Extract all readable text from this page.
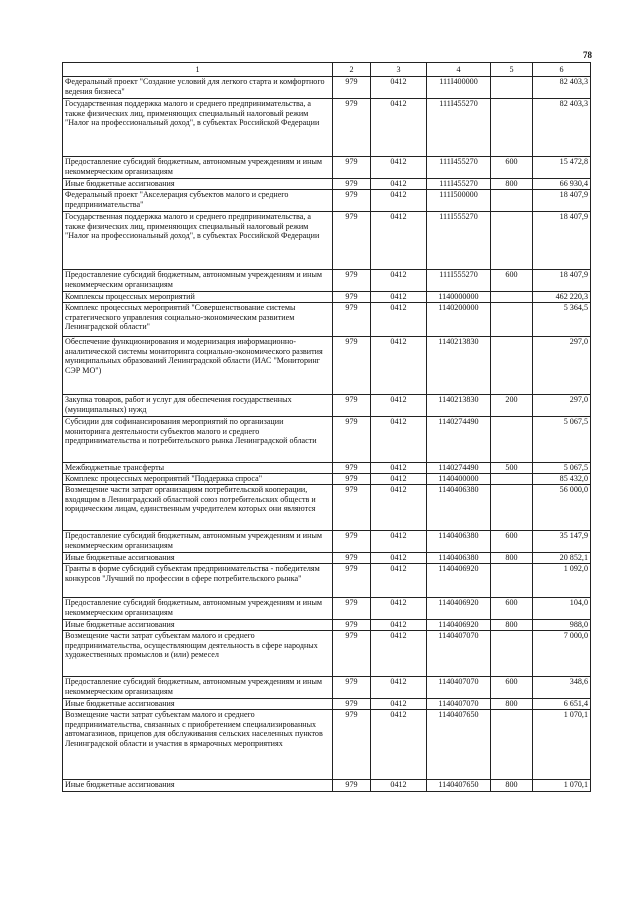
78
1	2	3	4	5	6
Федеральный проект "Создание условий для легкого старта и комфортного ведения бизнеса"	979	0412	111I400000		82 403,3
Государственная поддержка малого и среднего предпринимательства, а также физических лиц, применяющих специальный налоговый режим "Налог на профессиональный доход", в субъектах Российской Федерации	979	0412	111I455270		82 403,3
Предоставление субсидий бюджетным, автономным учреждениям и иным некоммерческим организациям	979	0412	111I455270	600	15 472,8
Иные бюджетные ассигнования	979	0412	111I455270	800	66 930,4
Федеральный проект "Акселерация субъектов малого и среднего предпринимательства"	979	0412	111I500000		18 407,9
Государственная поддержка малого и среднего предпринимательства, а также физических лиц, применяющих специальный налоговый режим "Налог на профессиональный доход", в субъектах Российской Федерации	979	0412	111I555270		18 407,9
Предоставление субсидий бюджетным, автономным учреждениям и иным некоммерческим организациям	979	0412	111I555270	600	18 407,9
Комплексы процессных мероприятий	979	0412	1140000000		462 220,3
Комплекс процессных мероприятий "Совершенствование системы стратегического управления социально-экономическим развитием Ленинградской области"	979	0412	1140200000		5 364,5
Обеспечение функционирования и модернизация информационно-аналитической системы мониторинга социально-экономического развития муниципальных образований Ленинградской области (ИАС "Мониторинг СЭР МО")	979	0412	1140213830		297,0
Закупка товаров, работ и услуг для обеспечения государственных (муниципальных) нужд	979	0412	1140213830	200	297,0
Субсидии для софинансирования мероприятий по организации мониторинга деятельности субъектов малого и среднего предпринимательства и потребительского рынка Ленинградской области	979	0412	1140274490		5 067,5
Межбюджетные трансферты	979	0412	1140274490	500	5 067,5
Комплекс процессных мероприятий "Поддержка спроса"	979	0412	1140400000		85 432,0
Возмещение части затрат организациям потребительской кооперации, входящим в Ленинградский областной союз потребительских обществ и юридическим лицам, единственным учредителем которых они являются	979	0412	1140406380		56 000,0
Предоставление субсидий бюджетным, автономным учреждениям и иным некоммерческим организациям	979	0412	1140406380	600	35 147,9
Иные бюджетные ассигнования	979	0412	1140406380	800	20 852,1
Гранты в форме субсидий субъектам предпринимательства - победителям конкурсов "Лучший по профессии в сфере потребительского рынка"	979	0412	1140406920		1 092,0
Предоставление субсидий бюджетным, автономным учреждениям и иным некоммерческим организациям	979	0412	1140406920	600	104,0
Иные бюджетные ассигнования	979	0412	1140406920	800	988,0
Возмещение части затрат субъектам малого и среднего предпринимательства, осуществляющим деятельность в сфере народных художественных промыслов и (или) ремесел	979	0412	1140407070		7 000,0
Предоставление субсидий бюджетным, автономным учреждениям и иным некоммерческим организациям	979	0412	1140407070	600	348,6
Иные бюджетные ассигнования	979	0412	1140407070	800	6 651,4
Возмещение части затрат субъектам малого и среднего предпринимательства, связанных с приобретением специализированных автомагазинов, прицепов для обслуживания сельских населенных пунктов Ленинградской области и участия в ярмарочных мероприятиях	979	0412	1140407650		1 070,1
Иные бюджетные ассигнования	979	0412	1140407650	800	1 070,1
